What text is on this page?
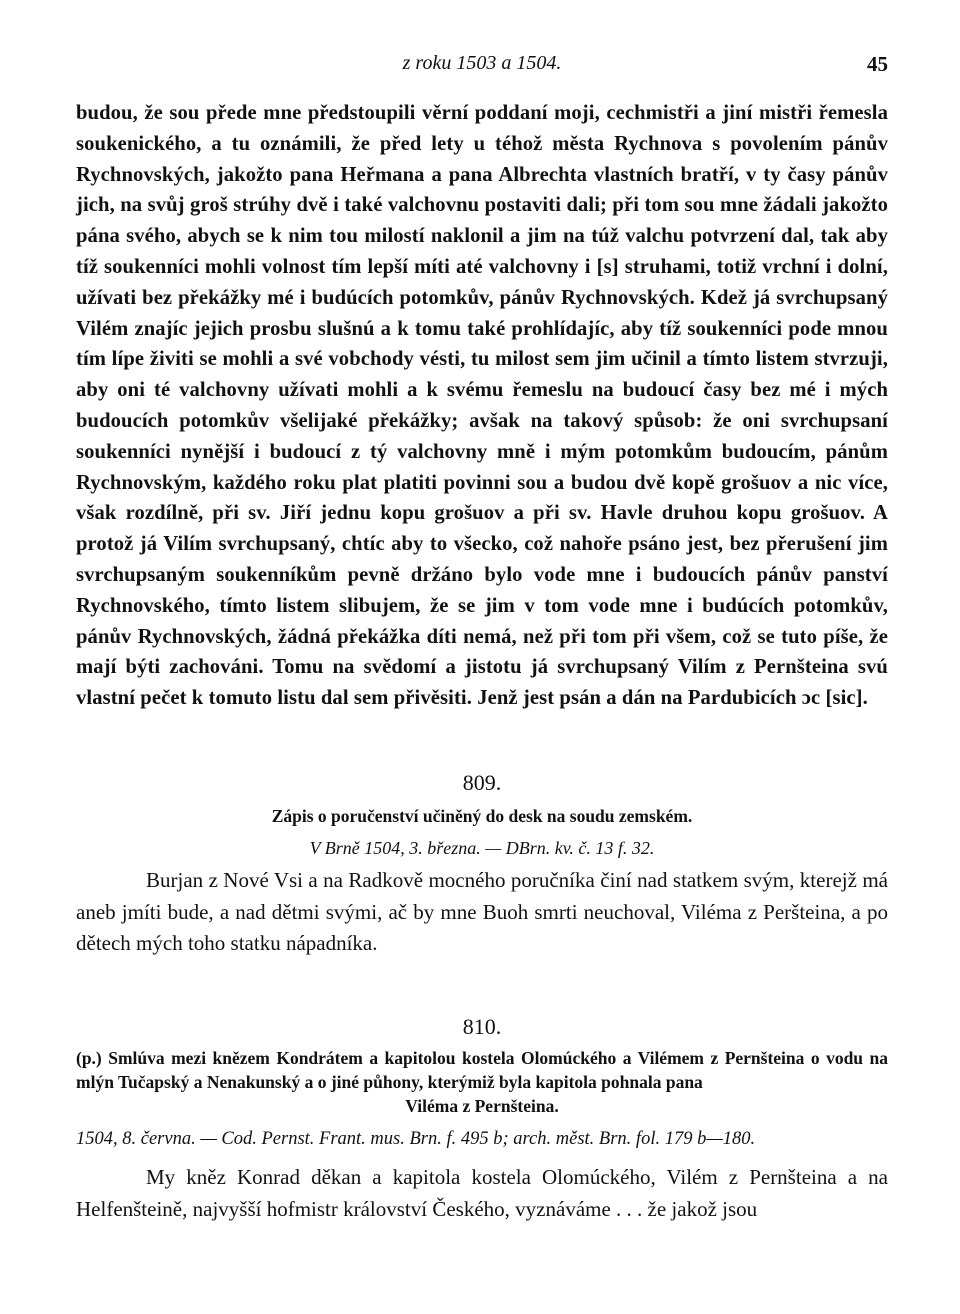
z roku 1503 a 1504.	45

budou, že sou přede mne předstoupili věrní poddaní moji, cechmistři a jiní mistři řemesla soukenického, a tu oznámili, že před lety u téhož města Rychnova s povolením pánův Rychnovských, jakožto pana Heřmana a pana Albrechta vlastních bratří, v ty časy pánův jich, na svůj groš strúhy dvě i také valchovnu postaviti dali; při tom sou mne žádali jakožto pána svého, abych se k nim tou milostí naklonil a jim na túž valchu potvrzení dal, tak aby tíž soukenníci mohli volnost tím lepší míti até valchovny i [s] struhami, totiž vrchní i dolní, užívati bez překážky mé i budúcích potomkův, pánův Rychnovských. Kdež já svrchupsaný Vilém znajíc jejich prosbu slušnú a k tomu také prohlídajíc, aby tíž soukenníci pode mnou tím lípe živiti se mohli a své vobchody vésti, tu milost sem jim učinil a tímto listem stvrzuji, aby oni té valchovny užívati mohli a k svému řemeslu na budoucí časy bez mé i mých budoucích potomkův všelijaké překážky; avšak na takový spůsob: že oni svrchupsaní soukenníci nynější i budoucí z tý valchovny mně i mým potomkům budoucím, pánům Rychnovským, každého roku plat platiti povinni sou a budou dvě kopě grošuov a nic více, však rozdílně, při sv. Jiří jednu kopu grošuov a při sv. Havle druhou kopu grošuov. A protož já Vilím svrchupsaný, chtíc aby to všecko, což nahoře psáno jest, bez přerušení jim svrchupsaným soukenníkům pevně držáno bylo vode mne i budoucích pánův panství Rychnovského, tímto listem slibujem, že se jim v tom vode mne i budúcích potomkův, pánův Rychnovských, žádná překážka díti nemá, než při tom při všem, což se tuto píše, že mají býti zachováni. Tomu na svědomí a jistotu já svrchupsaný Vilím z Pernšteina svú vlastní pečet k tomuto listu dal sem přivěsiti. Jenž jest psán a dán na Pardubicích ɔc [sic].

809.

Zápis o poručenství učiněný do desk na soudu zemském.

V Brně 1504, 3. března. — DBrn. kv. č. 13 f. 32.

Burjan z Nové Vsi a na Radkově mocného poručníka činí nad statkem svým, kterejž má aneb jmíti bude, a nad dětmi svými, ač by mne Buoh smrti neuchoval, Viléma z Peršteina, a po dětech mých toho statku nápadníka.

810.

(p.) Smlúva mezi knězem Kondrátem a kapitolou kostela Olomúckého a Vilémem z Pernšteina o vodu na mlýn Tučapský a Nenakunský a o jiné půhony, kterýmiž byla kapitola pohnala pana
Viléma z Pernšteina.

1504, 8. června. — Cod. Pernst. Frant. mus. Brn. f. 495 b; arch. měst. Brn. fol. 179 b—180.

My kněz Konrad děkan a kapitola kostela Olomúckého, Vilém z Pernšteina a na Helfenšteině, najvyšší hofmistr království Českého, vyznáváme . . . že jakož jsou
